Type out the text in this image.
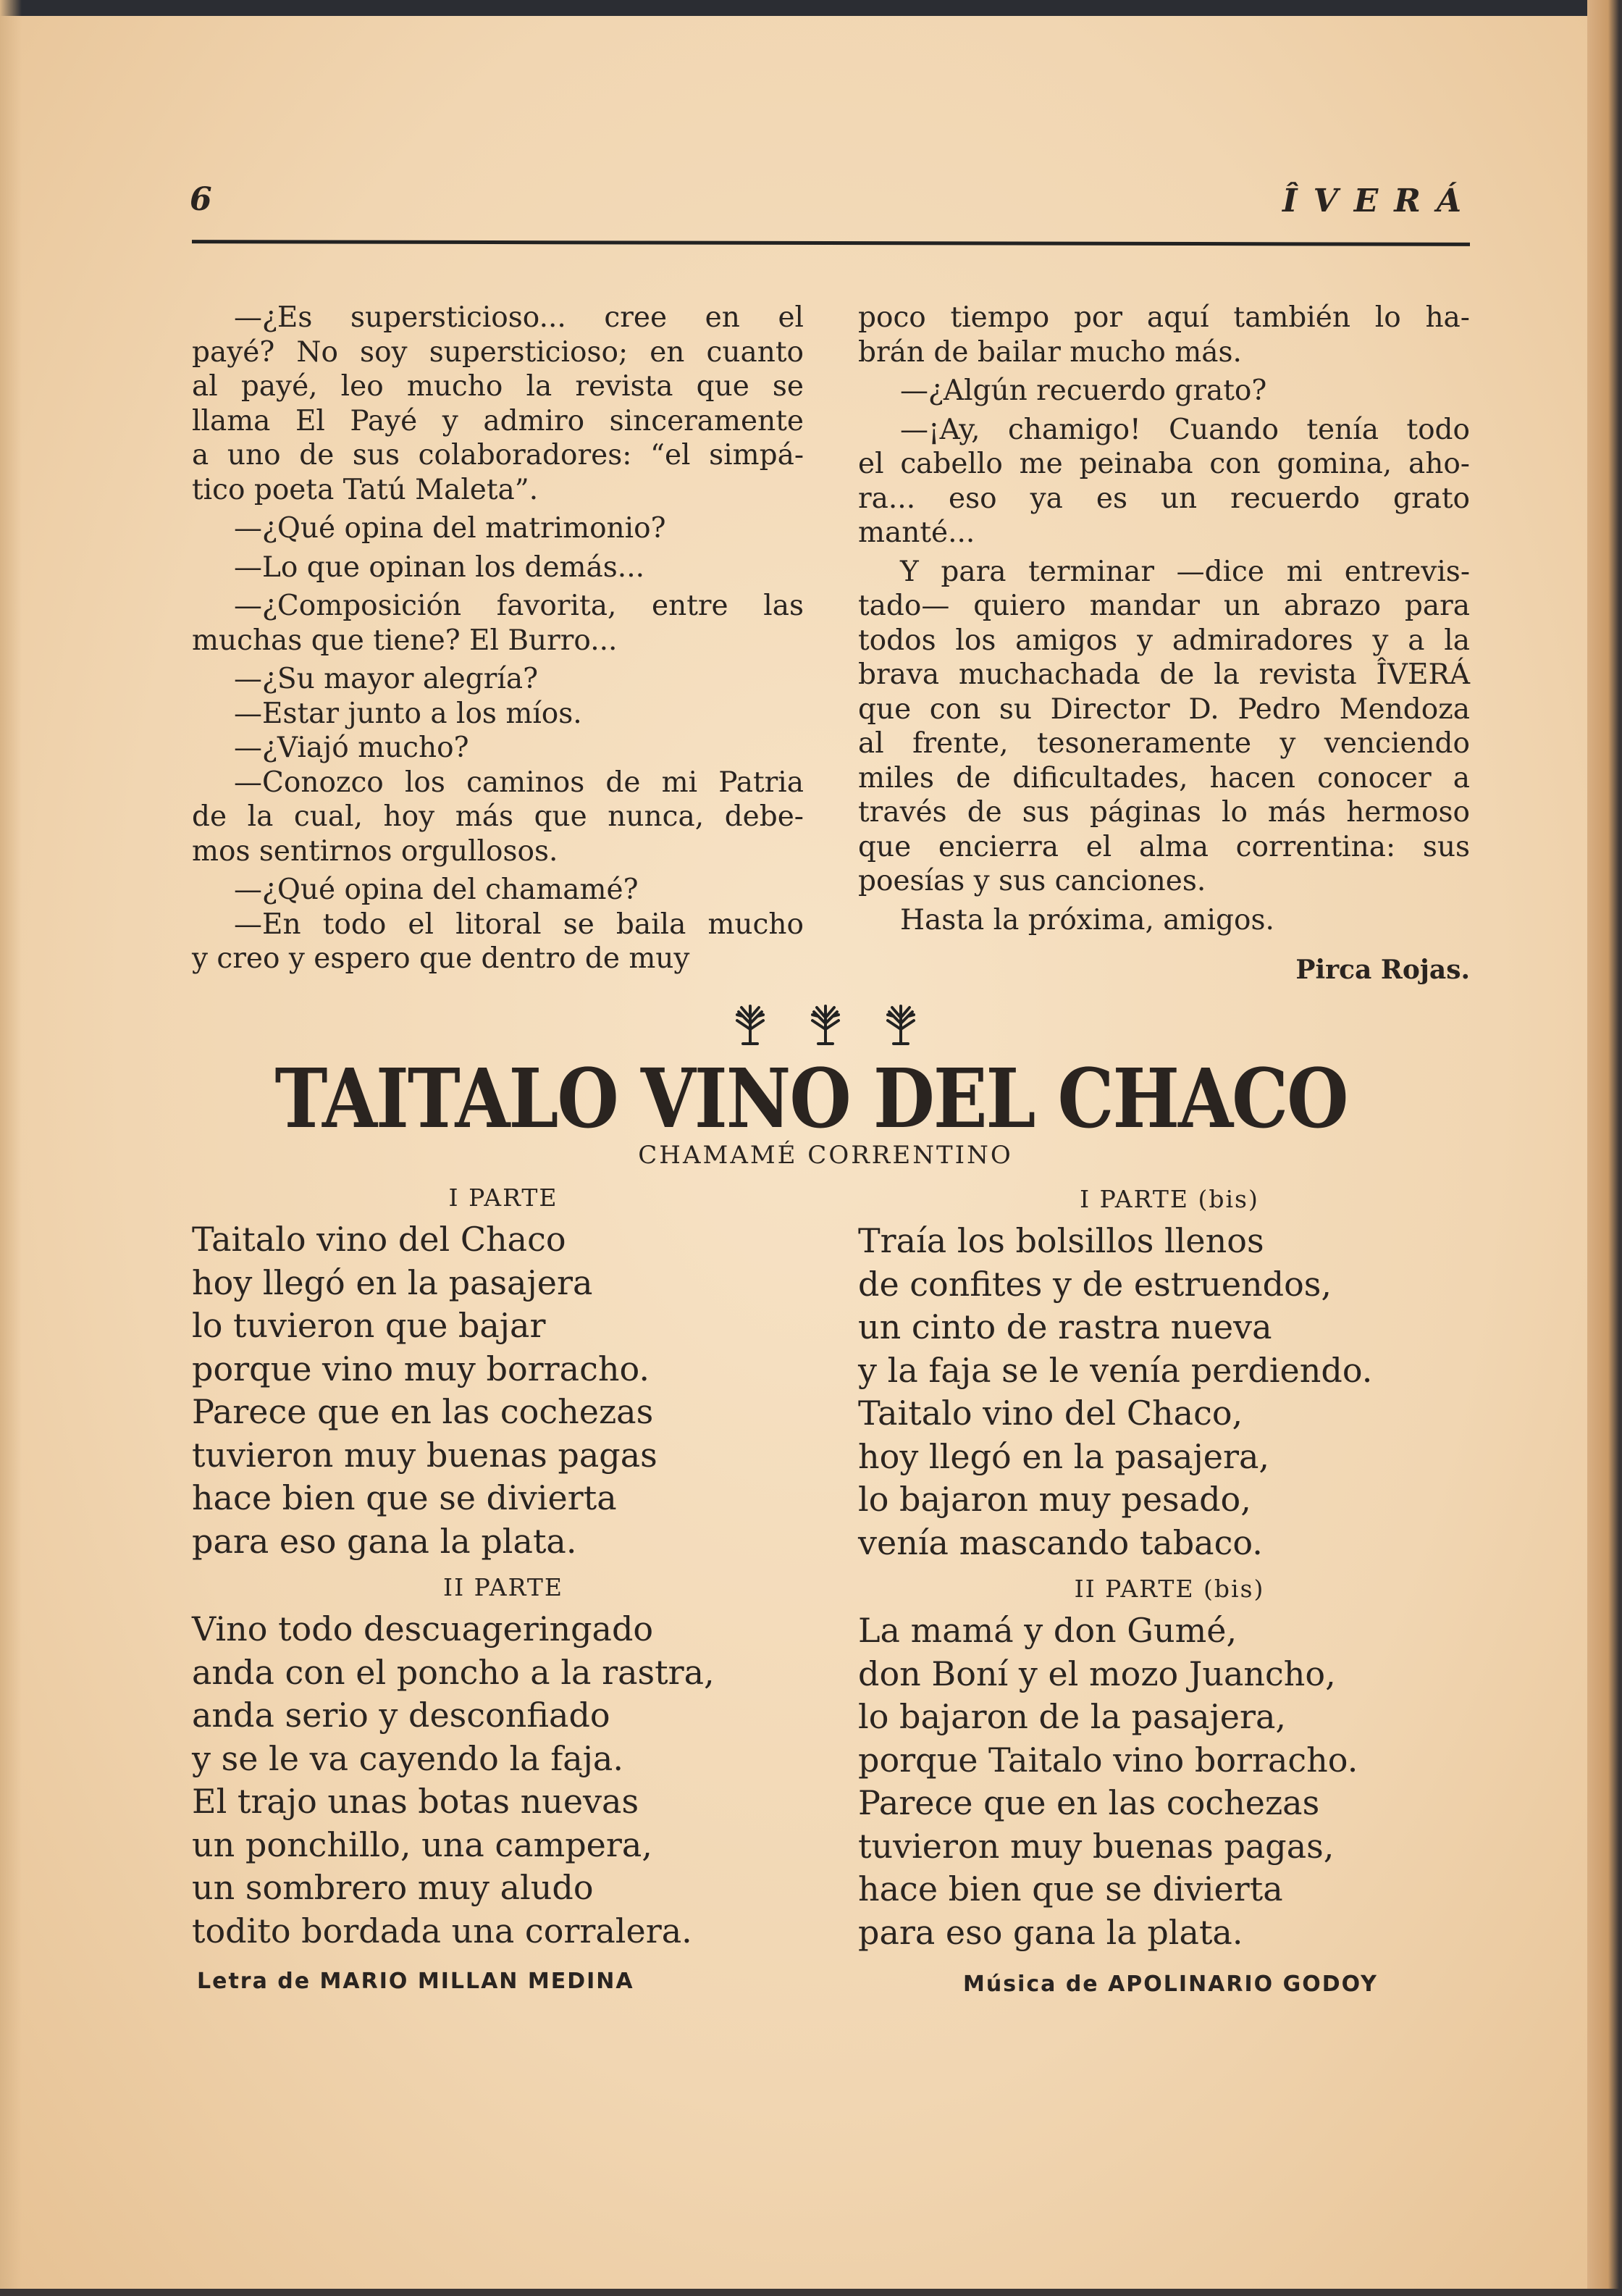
6	ÎVERÁ
—¿Es supersticioso... cree en el
payé? No soy supersticioso; en cuanto
al payé, leo mucho la revista que se
llama El Payé y admiro sinceramente
a uno de sus colaboradores: “el simpá-
tico poeta Tatú Maleta”.
—¿Qué opina del matrimonio?
—Lo que opinan los demás...
—¿Composición favorita, entre las
muchas que tiene? El Burro...
—¿Su mayor alegría?
—Estar junto a los míos.
—¿Viajó mucho?
—Conozco los caminos de mi Patria
de la cual, hoy más que nunca, debe-
mos sentirnos orgullosos.
—¿Qué opina del chamamé?
—En todo el litoral se baila mucho
y creo y espero que dentro de muy
poco tiempo por aquí también lo ha-
brán de bailar mucho más.
—¿Algún recuerdo grato?
—¡Ay, chamigo! Cuando tenía todo
el cabello me peinaba con gomina, aho-
ra... eso ya es un recuerdo grato
manté...
Y para terminar —dice mi entrevis-
tado— quiero mandar un abrazo para
todos los amigos y admiradores y a la
brava muchachada de la revista ÎVERÁ
que con su Director D. Pedro Mendoza
al frente, tesoneramente y venciendo
miles de dificultades, hacen conocer a
través de sus páginas lo más hermoso
que encierra el alma correntina: sus
poesías y sus canciones.
Hasta la próxima, amigos.
Pirca Rojas.
TAITALO VINO DEL CHACO
CHAMAMÉ CORRENTINO
I PARTE
Taitalo vino del Chaco
hoy llegó en la pasajera
lo tuvieron que bajar
porque vino muy borracho.
Parece que en las cochezas
tuvieron muy buenas pagas
hace bien que se divierta
para eso gana la plata.
I PARTE (bis)
Traía los bolsillos llenos
de confites y de estruendos,
un cinto de rastra nueva
y la faja se le venía perdiendo.
Taitalo vino del Chaco,
hoy llegó en la pasajera,
lo bajaron muy pesado,
venía mascando tabaco.
II PARTE
Vino todo descuageringado
anda con el poncho a la rastra,
anda serio y desconfiado
y se le va cayendo la faja.
El trajo unas botas nuevas
un ponchillo, una campera,
un sombrero muy aludo
todito bordada una corralera.
II PARTE (bis)
La mamá y don Gumé,
don Boní y el mozo Juancho,
lo bajaron de la pasajera,
porque Taitalo vino borracho.
Parece que en las cochezas
tuvieron muy buenas pagas,
hace bien que se divierta
para eso gana la plata.
Letra de MARIO MILLAN MEDINA	Música de APOLINARIO GODOY
